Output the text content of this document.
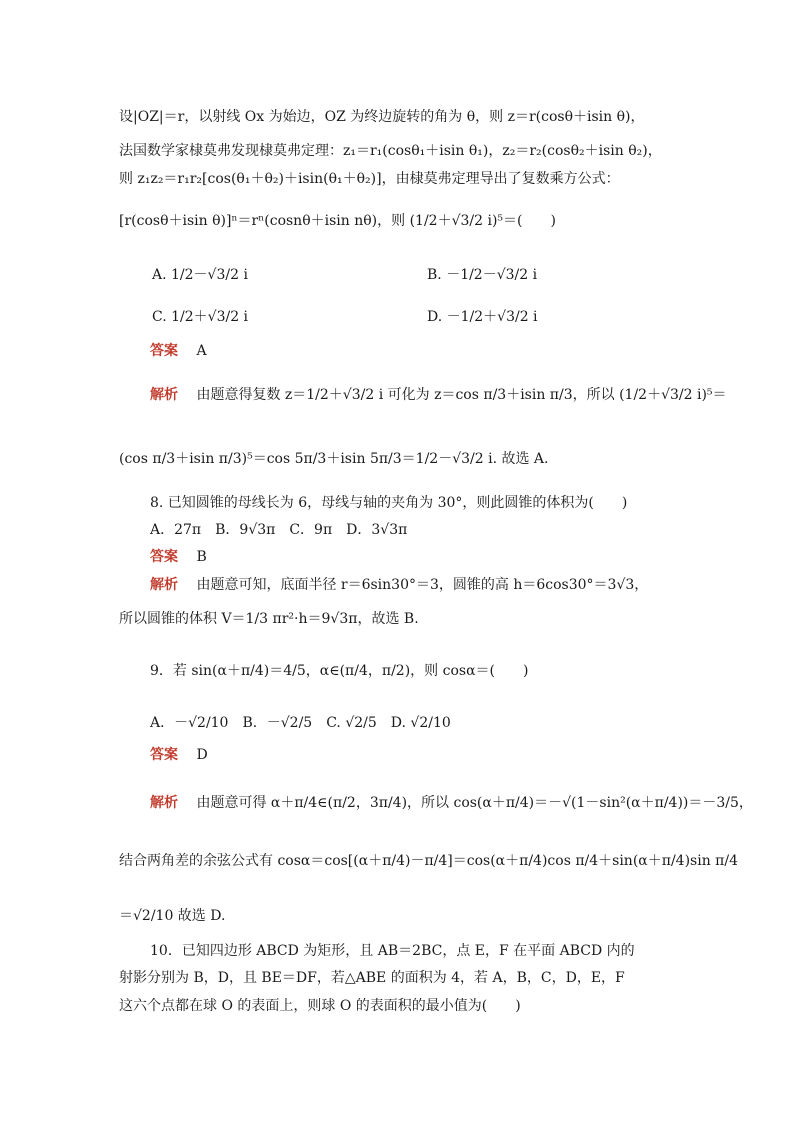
设|OZ|＝r，以射线 Ox 为始边，OZ 为终边旋转的角为 θ，则 z＝r(cosθ＋isin θ)，
法国数学家棣莫弗发现棣莫弗定理：z₁＝r₁(cosθ₁＋isin θ₁)，z₂＝r₂(cosθ₂＋isin θ₂)，
则 z₁z₂＝r₁r₂[cos(θ₁＋θ₂)＋isin(θ₁＋θ₂)]，由棣莫弗定理导出了复数乘方公式：
[r(cosθ＋isin θ)]ⁿ＝rⁿ(cosnθ＋isin nθ)，则 (1/2＋√3/2 i)⁵＝(　　)
A. 1/2－√3/2 i	B. －1/2－√3/2 i
C. 1/2＋√3/2 i	D. －1/2＋√3/2 i
答案 A
解析 由题意得复数 z＝1/2＋√3/2 i 可化为 z＝cos π/3＋isin π/3，所以 (1/2＋√3/2 i)⁵＝
(cos π/3＋isin π/3)⁵＝cos 5π/3＋isin 5π/3＝1/2－√3/2 i. 故选 A.
8. 已知圆锥的母线长为 6，母线与轴的夹角为 30°，则此圆锥的体积为(　　)
A．27π　B．9√3π　C．9π　D．3√3π
答案 B
解析 由题意可知，底面半径 r＝6sin30°＝3，圆锥的高 h＝6cos30°＝3√3，
所以圆锥的体积 V＝1/3 πr²·h＝9√3π，故选 B.
9．若 sin(α＋π/4)＝4/5，α∈(π/4，π/2)，则 cosα＝(　　)
A．－√2/10　B．－√2/5　C. √2/5　D. √2/10
答案 D
解析 由题意可得 α＋π/4∈(π/2，3π/4)，所以 cos(α＋π/4)＝－√(1－sin²(α＋π/4))＝－3/5，
结合两角差的余弦公式有 cosα＝cos[(α＋π/4)－π/4]＝cos(α＋π/4)cos π/4＋sin(α＋π/4)sin π/4
＝√2/10 故选 D.
10．已知四边形 ABCD 为矩形，且 AB＝2BC，点 E，F 在平面 ABCD 内的
射影分别为 B，D，且 BE＝DF，若△ABE 的面积为 4，若 A，B，C，D，E，F
这六个点都在球 O 的表面上，则球 O 的表面积的最小值为(　　)
